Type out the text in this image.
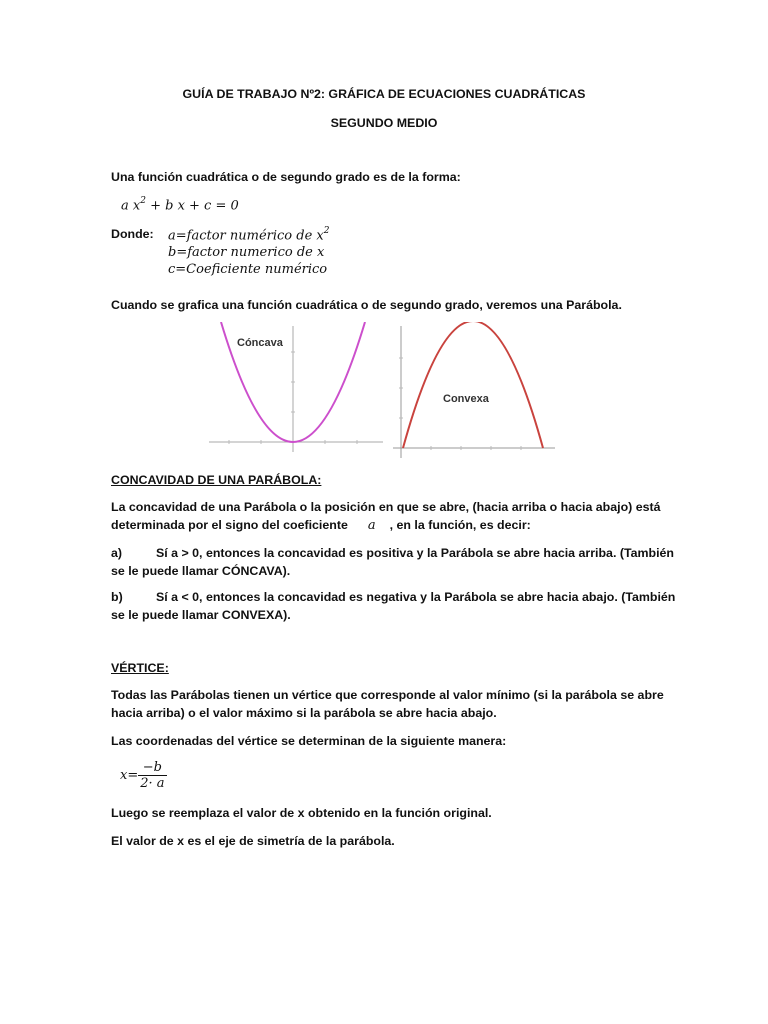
GUÍA DE TRABAJO Nº2: GRÁFICA DE ECUACIONES CUADRÁTICAS
SEGUNDO MEDIO
Una función cuadrática o de segundo grado es de la forma:
a $x^2 + b$ x + c = 0
Donde: a=factor numérico de $x^2$
b=factor numerico de x
c=Coeficiente numérico
Cuando se grafica una función cuadrática o de segundo grado, veremos una Parábola.
Cóncava
Convexa
CONCAVIDAD DE UNA PARÁBOLA:
La concavidad de una Parábola o la posición en que se abre, (hacia arriba o hacia abajo) está
determinada por el signo del coeficiente a , en la función, es decir:
a)	Sí a > 0, entonces la concavidad es positiva y la Parábola se abre hacia arriba. (También
se le puede llamar CÓNCAVA).
b)	Sí a < 0, entonces la concavidad es negativa y la Parábola se abre hacia abajo. (También
se le puede llamar CONVEXA).
VÉRTICE:
Todas las Parábolas tienen un vértice que corresponde al valor mínimo (si la parábola se abre
hacia arriba) o el valor máximo si la parábola se abre hacia abajo.
Las coordenadas del vértice se determinan de la siguiente manera:
$x= \frac{-b}{2\cdot a}$
Luego se reemplaza el valor de x obtenido en la función original.
El valor de x es el eje de simetría de la parábola.
